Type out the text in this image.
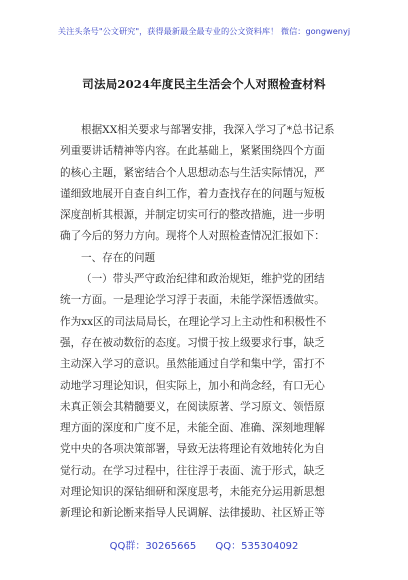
关注头条号"公文研究"，获得最新最全最专业的公文资料库！ 微信：gongwenyj
司法局2024年度民主生活会个人对照检查材料
根据XX相关要求与部署安排，我深入学习了*总书记系
列重要讲话精神等内容。在此基础上，紧紧围绕四个方面
的核心主题，紧密结合个人思想动态与生活实际情况，严
谨细致地展开自查自纠工作，着力查找存在的问题与短板
深度剖析其根源，并制定切实可行的整改措施，进一步明
确了今后的努力方向。现将个人对照检查情况汇报如下：
一、存在的问题
（一）带头严守政治纪律和政治规矩，维护党的团结
统一方面。一是理论学习浮于表面，未能学深悟透做实。
作为xx区的司法局局长，在理论学习上主动性和积极性不
强，存在被动数衍的态度。习惯于按上级要求行事，缺乏
主动深入学习的意识。虽然能通过自学和集中学，雷打不
动地学习理论知识，但实际上，加小和尚念经，有口无心
未真正领会其精髓要义，在阅读原著、学习原文、领悟原
理方面的深度和广度不足，未能全面、准确、深刻地理解
党中央的各项决策部署，导致无法将理论有效地转化为自
觉行动。在学习过程中，往往浮于表面、流于形式，缺乏
对理论知识的深钻细研和深度思考，未能充分运用新思想
新理论和新论断来指导人民调解、法律援助、社区矫正等
QQ群：30265665 QQ：535304092
